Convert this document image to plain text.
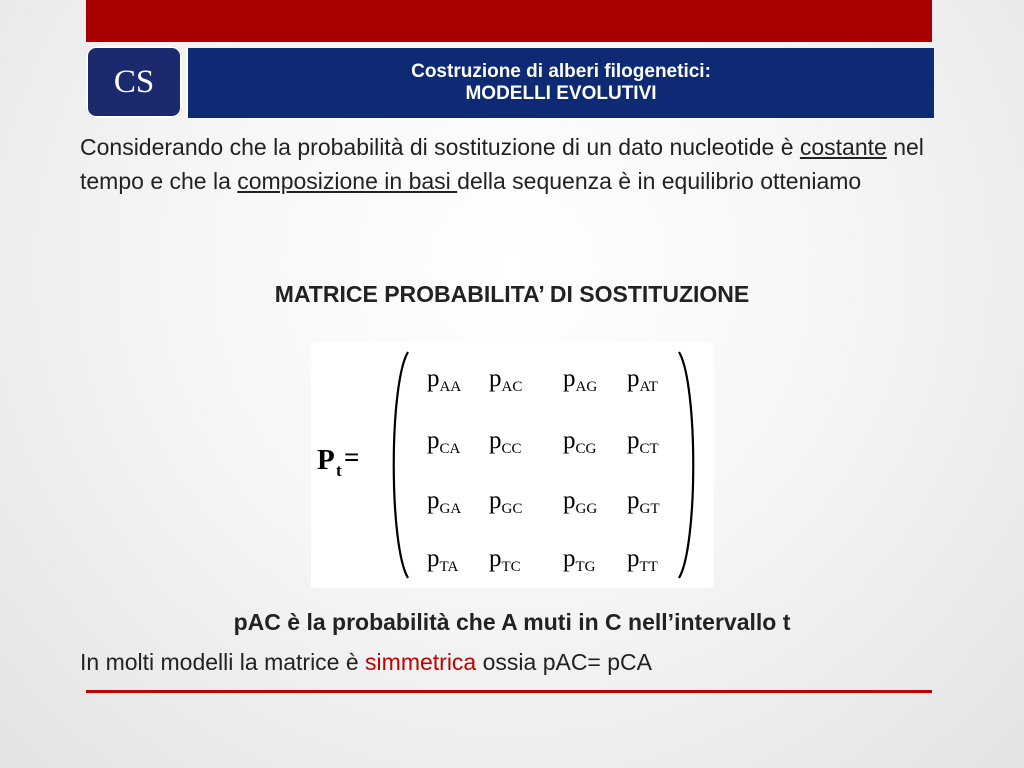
CS	Costruzione di alberi filogenetici:
MODELLI EVOLUTIVI
Considerando che la probabilità di sostituzione di un dato nucleotide è costante nel tempo e che la composizione in basi della sequenza è in equilibrio otteniamo
MATRICE PROBABILITA’ DI SOSTITUZIONE
P t =
pAA pAC pAG pAT
pCA pCC pCG pCT
pGA pGC pGG pGT
pTA pTC pTG pTT
pAC è la probabilità che A muti in C nell’intervallo t
In molti modelli la matrice è simmetrica ossia pAC= pCA
